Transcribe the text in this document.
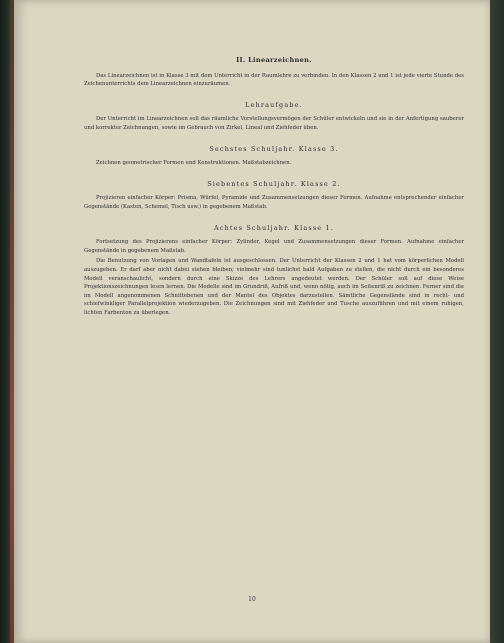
II. Linearzeichnen.

Das Linearzeichnen ist in Klasse 3 mit dem Unterricht in der Raumlehre zu verbinden. In den Klassen 2 und 1 ist jede vierte Stunde des Zeichenunterrichts dem Linearzeichnen einzuräumen.

Lehraufgabe.

Der Unterricht im Linearzeichnen soll das räumliche Vorstellungsvermögen der Schüler entwickeln und sie in der Anfertigung sauberer und korrekter Zeichnungen, sowie im Gebrauch von Zirkel, Lineal und Ziehfeder üben.

Sechstes Schuljahr. Klasse 3.

Zeichnen geometrischer Formen und Konstruktionen. Maßstabzeichnen.

Siebentes Schuljahr. Klasse 2.

Projizieren einfacher Körper: Prisma, Würfel, Pyramide und Zusammensetzungen dieser Formen. Aufnahme entsprechender einfacher Gegenstände (Kasten, Schemel, Tisch usw.) in gegebenem Maßstab.

Achtes Schuljahr. Klasse 1.

Fortsetzung des Projizierens einfacher Körper: Zylinder, Kegel und Zusammensetzungen dieser Formen. Aufnahme einfacher Gegenstände in gegebenem Maßstab.

Die Benutzung von Vorlagen und Wandtafeln ist ausgeschlossen. Der Unterricht der Klassen 2 und 1 hat vom körperlichen Modell auszugehen. Er darf aber nicht dabei stehen bleiben; vielmehr sind tunlichst bald Aufgaben zu stellen, die nicht durch ein besonderes Modell veranschaulicht, sondern durch eine Skizze des Lehrers angedeutet werden. Der Schüler soll auf diese Weise Projektionszeichnungen lesen lernen. Die Modelle sind im Grundriß, Aufriß und, wenn nötig, auch im Seitenriß zu zeichnen. Ferner sind die im Modell angenommenen Schnittebenen und der Mantel des Objektes darzustellen. Sämtliche Gegenstände sind in recht- und schiefwinkliger Parallelprojektion wiederzugeben. Die Zeichnungen sind mit Ziehfeder und Tusche auszuführen und mit einem ruhigen, lichten Farbenton zu überlegen.

10
